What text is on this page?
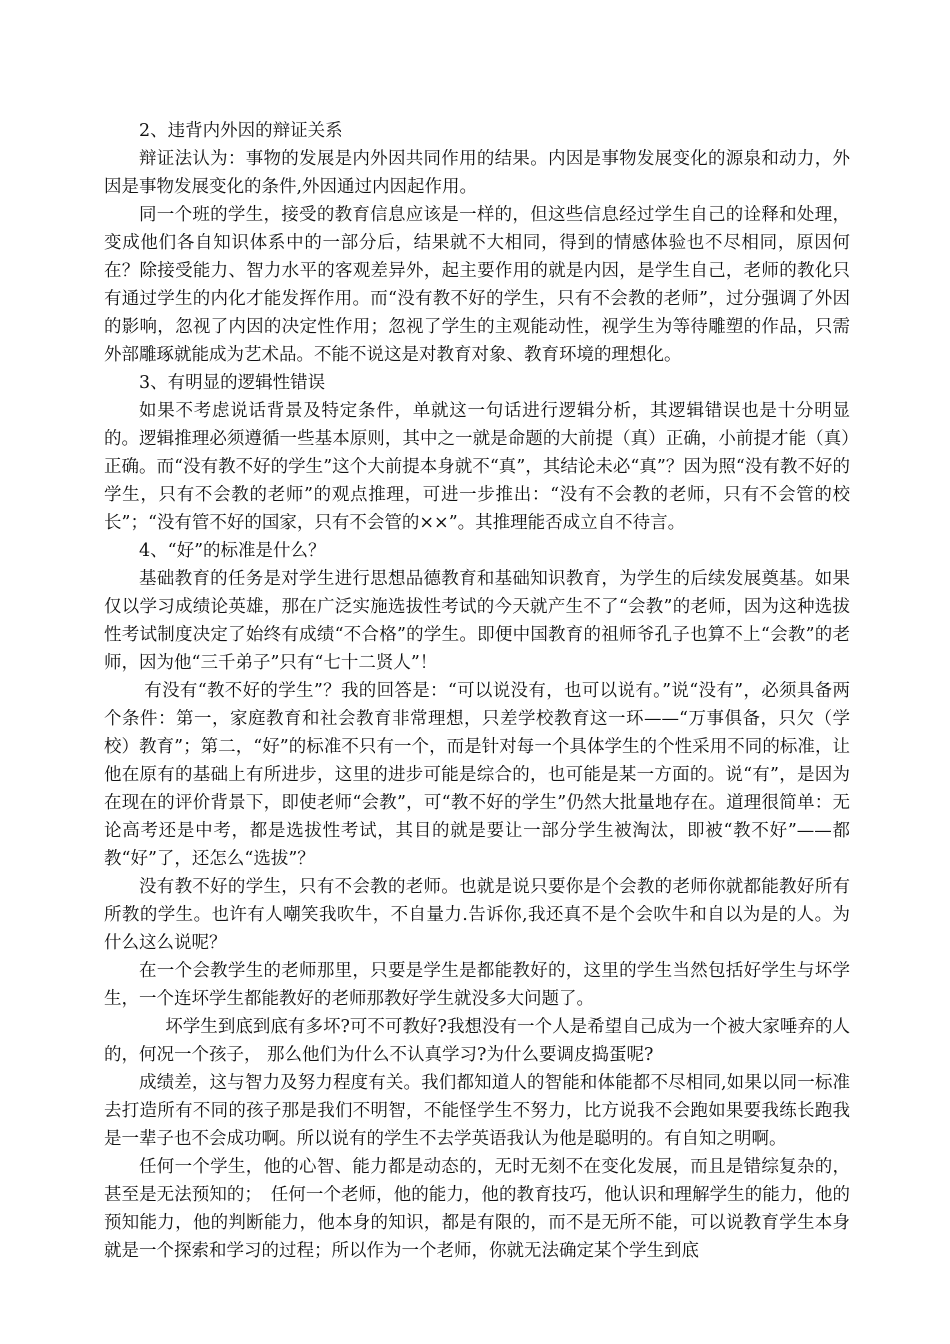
2、违背内外因的辩证关系

辩证法认为：事物的发展是内外因共同作用的结果。内因是事物发展变化的源泉和动力，外因是事物发展变化的条件,外因通过内因起作用。

同一个班的学生，接受的教育信息应该是一样的，但这些信息经过学生自己的诠释和处理，变成他们各自知识体系中的一部分后，结果就不大相同，得到的情感体验也不尽相同，原因何在？除接受能力、智力水平的客观差异外，起主要作用的就是内因，是学生自己，老师的教化只有通过学生的内化才能发挥作用。而“没有教不好的学生，只有不会教的老师”，过分强调了外因的影响，忽视了内因的决定性作用；忽视了学生的主观能动性，视学生为等待雕塑的作品，只需外部雕琢就能成为艺术品。不能不说这是对教育对象、教育环境的理想化。

3、有明显的逻辑性错误

如果不考虑说话背景及特定条件，单就这一句话进行逻辑分析，其逻辑错误也是十分明显的。逻辑推理必须遵循一些基本原则，其中之一就是命题的大前提（真）正确，小前提才能（真）正确。而“没有教不好的学生”这个大前提本身就不“真”，其结论未必“真”？因为照“没有教不好的学生，只有不会教的老师”的观点推理，可进一步推出：“没有不会教的老师，只有不会管的校长”；“没有管不好的国家，只有不会管的××”。其推理能否成立自不待言。

4、“好”的标准是什么？

基础教育的任务是对学生进行思想品德教育和基础知识教育，为学生的后续发展奠基。如果仅以学习成绩论英雄，那在广泛实施选拔性考试的今天就产生不了“会教”的老师，因为这种选拔性考试制度决定了始终有成绩“不合格”的学生。即便中国教育的祖师爷孔子也算不上“会教”的老师，因为他“三千弟子”只有“七十二贤人”！

有没有“教不好的学生”？我的回答是：“可以说没有，也可以说有。”说“没有”，必须具备两个条件：第一，家庭教育和社会教育非常理想，只差学校教育这一环——“万事俱备，只欠（学校）教育”；第二，“好”的标准不只有一个，而是针对每一个具体学生的个性采用不同的标准，让他在原有的基础上有所进步，这里的进步可能是综合的，也可能是某一方面的。说“有”，是因为在现在的评价背景下，即使老师“会教”，可“教不好的学生”仍然大批量地存在。道理很简单：无论高考还是中考，都是选拔性考试，其目的就是要让一部分学生被淘汰，即被“教不好”——都教“好”了，还怎么“选拔”？

没有教不好的学生，只有不会教的老师。也就是说只要你是个会教的老师你就都能教好所有所教的学生。也许有人嘲笑我吹牛，不自量力.告诉你,我还真不是个会吹牛和自以为是的人。为什么这么说呢？

在一个会教学生的老师那里，只要是学生是都能教好的，这里的学生当然包括好学生与坏学生，一个连坏学生都能教好的老师那教好学生就没多大问题了。

坏学生到底到底有多坏?可不可教好?我想没有一个人是希望自己成为一个被大家唾弃的人的，何况一个孩子， 那么他们为什么不认真学习?为什么要调皮捣蛋呢?

成绩差，这与智力及努力程度有关。我们都知道人的智能和体能都不尽相同,如果以同一标准去打造所有不同的孩子那是我们不明智，不能怪学生不努力，比方说我不会跑如果要我练长跑我是一辈子也不会成功啊。所以说有的学生不去学英语我认为他是聪明的。有自知之明啊。

任何一个学生，他的心智、能力都是动态的，无时无刻不在变化发展，而且是错综复杂的，甚至是无法预知的；　任何一个老师，他的能力，他的教育技巧，他认识和理解学生的能力，他的预知能力，他的判断能力，他本身的知识，都是有限的，而不是无所不能，可以说教育学生本身就是一个探索和学习的过程；所以作为一个老师，你就无法确定某个学生到底
